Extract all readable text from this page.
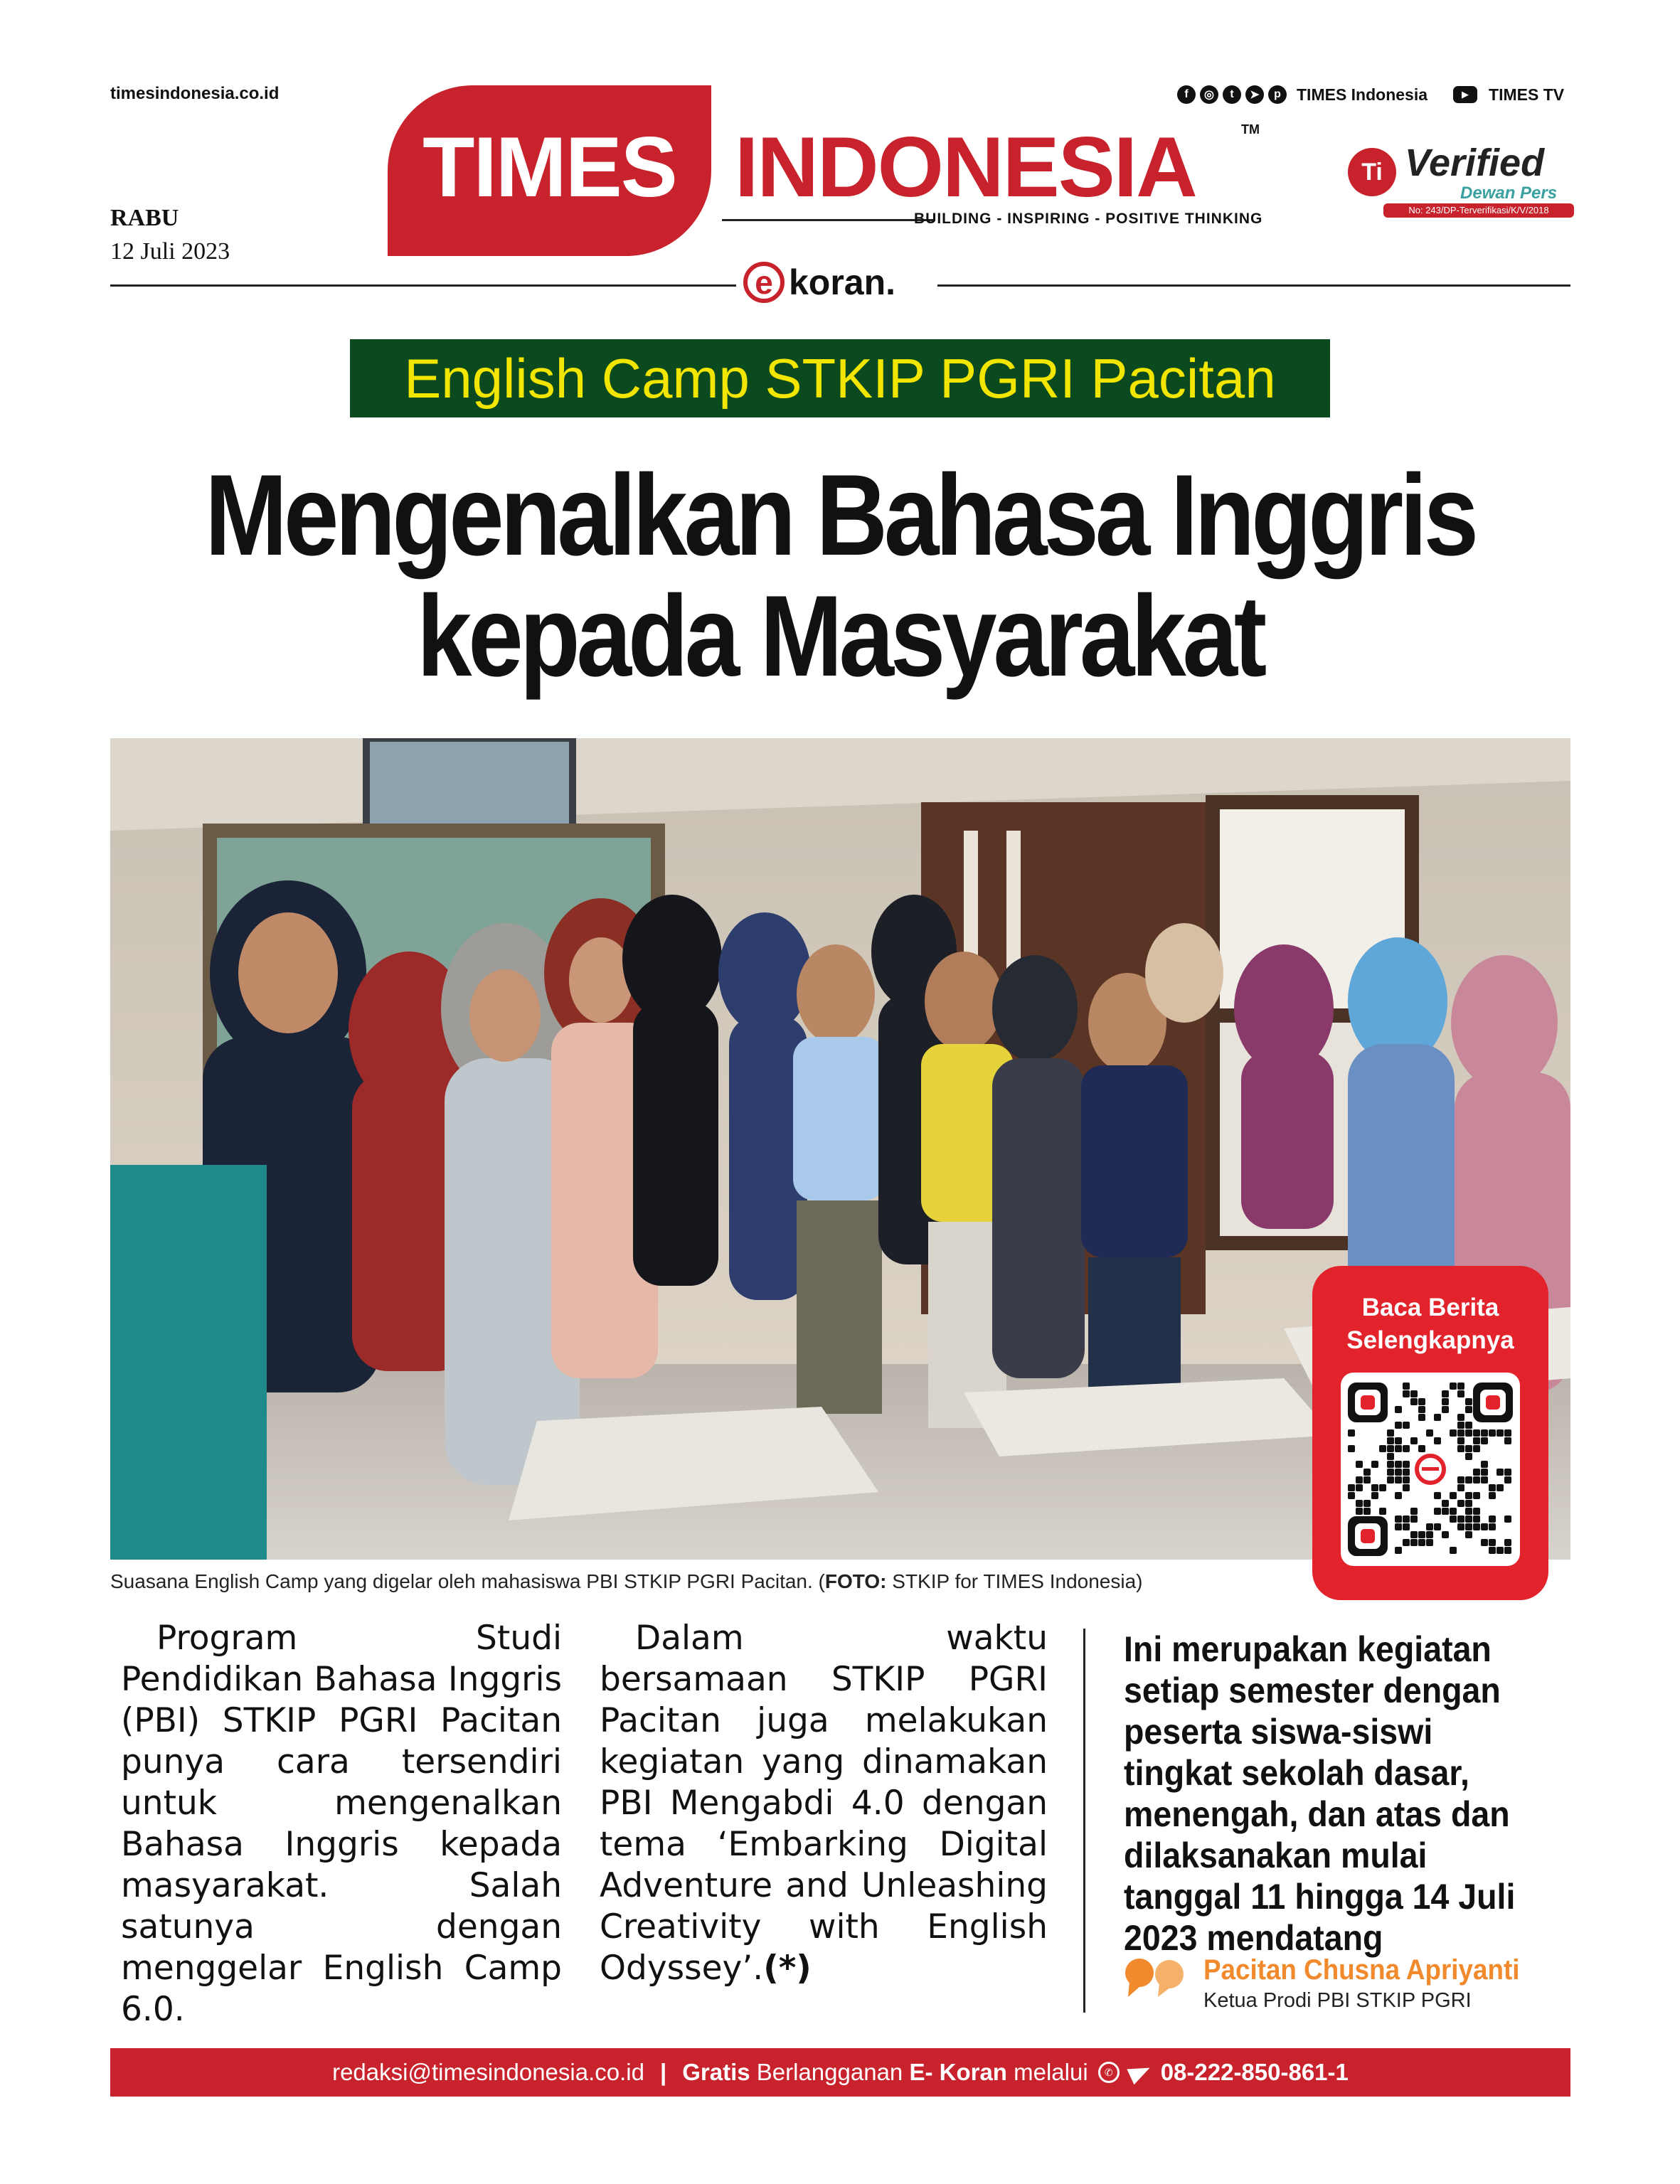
timesindonesia.co.id
RABU
12 Juli 2023
TIMES INDONESIA	TM
BUILDING - INSPIRING - POSITIVE THINKING
f	◎	t	➤	p TIMES Indonesia	▶	TIMES TV
Ti Verified
Dewan Pers
No: 243/DP-Terverifikasi/K/V/2018
e koran.
English Camp STKIP PGRI Pacitan
Mengenalkan Bahasa Inggris
kepada Masyarakat
Suasana English Camp yang digelar oleh mahasiswa PBI STKIP PGRI Pacitan. (FOTO: STKIP for TIMES Indonesia)
Baca Berita
Selengkapnya
Program Studi Pendidikan Bahasa Inggris (PBI) STKIP PGRI Pacitan punya cara tersendiri untuk mengenalkan Bahasa Inggris kepada masyarakat. Salah satunya dengan menggelar English Camp 6.0.
Dalam waktu bersamaan STKIP PGRI Pacitan juga melakukan kegiatan yang dinamakan PBI Mengabdi 4.0 dengan tema ‘Embarking Digital Adventure and Unleashing Creativity with English Odyssey’.(*)
Ini merupakan kegiatan setiap semester dengan peserta siswa-siswi tingkat sekolah dasar, menengah, dan atas dan dilaksanakan mulai tanggal 11 hingga 14 Juli 2023 mendatang
Pacitan Chusna Apriyanti
Ketua Prodi PBI STKIP PGRI
redaksi@timesindonesia.co.id | Gratis Berlangganan E- Koran melalui	✆ 08-222-850-861-1
